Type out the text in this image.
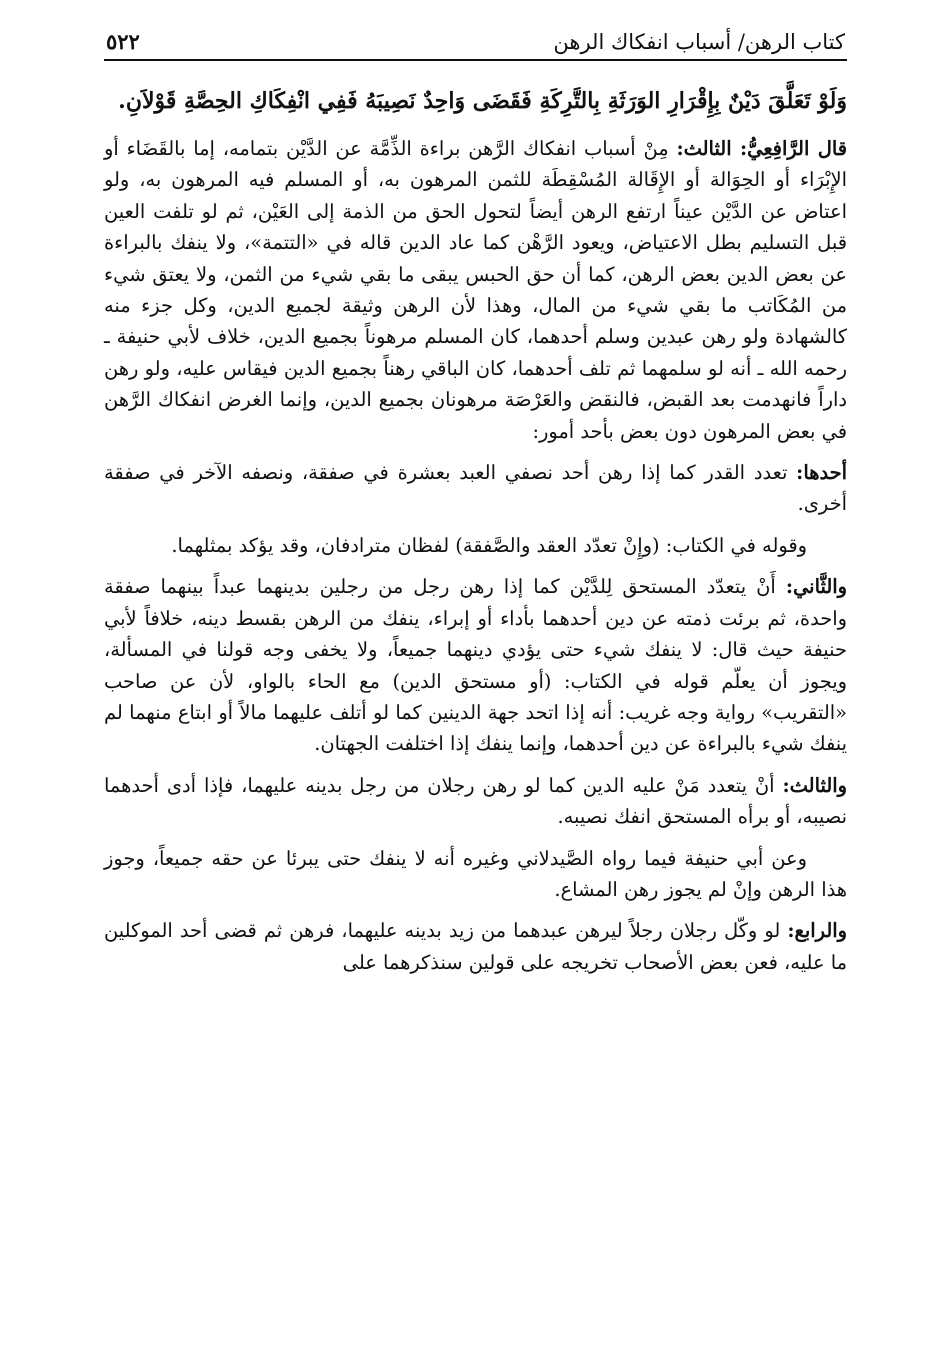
كتاب الرهن/ أسباب انفكاك الرهن
٥٢٢
وَلَوْ تَعَلَّقَ دَيْنٌ بِإِقْرَارِ الوَرَثَةِ بِالتَّرِكَةِ فَقَضَى وَاحِدٌ نَصِيبَهُ فَفِي انْفِكَاكِ الحِصَّةِ قَوْلاَنِ.

قال الرَّافِعِيُّ: الثالث: مِنْ أسباب انفكاك الرَّهن براءة الذِّمَّة عن الدَّيْن بتمامه، إما بالقَضَاء أو الإِبْرَاء أو الحِوَالة أو الإِقَالة المُسْقِطَة للثمن المرهون به، أو المسلم فيه المرهون به، ولو اعتاض عن الدَّيْن عيناً ارتفع الرهن أيضاً لتحول الحق من الذمة إلى العَيْن، ثم لو تلفت العين قبل التسليم بطل الاعتياض، ويعود الرَّهْن كما عاد الدين قاله في «التتمة»، ولا ينفك بالبراءة عن بعض الدين بعض الرهن، كما أن حق الحبس يبقى ما بقي شيء من الثمن، ولا يعتق شيء من المُكَاتب ما بقي شيء من المال، وهذا لأن الرهن وثيقة لجميع الدين، وكل جزء منه كالشهادة ولو رهن عبدين وسلم أحدهما، كان المسلم مرهوناً بجميع الدين، خلاف لأبي حنيفة ـ رحمه الله ـ أنه لو سلمهما ثم تلف أحدهما، كان الباقي رهناً بجميع الدين فيقاس عليه، ولو رهن داراً فانهدمت بعد القبض، فالنقض والعَرْصَة مرهونان بجميع الدين، وإنما الغرض انفكاك الرَّهن في بعض المرهون دون بعض بأحد أمور:

أحدها: تعدد القدر كما إذا رهن أحد نصفي العبد بعشرة في صفقة، ونصفه الآخر في صفقة أخرى.

وقوله في الكتاب: (وإِنْ تعدّد العقد والصَّفقة) لفظان مترادفان، وقد يؤكد بمثلهما.

والثَّاني: أَنْ يتعدّد المستحق لِلدَّيْن كما إذا رهن رجل من رجلين بدينهما عبداً بينهما صفقة واحدة، ثم برئت ذمته عن دين أحدهما بأداء أو إبراء، ينفك من الرهن بقسط دينه، خلافاً لأبي حنيفة حيث قال: لا ينفك شيء حتى يؤدي دينهما جميعاً، ولا يخفى وجه قولنا في المسألة، ويجوز أن يعلّم قوله في الكتاب: (أو مستحق الدين) مع الحاء بالواو، لأن عن صاحب «التقريب» رواية وجه غريب: أنه إذا اتحد جهة الدينين كما لو أتلف عليهما مالاً أو ابتاع منهما لم ينفك شيء بالبراءة عن دين أحدهما، وإنما ينفك إذا اختلفت الجهتان.

والثالث: أنْ يتعدد مَنْ عليه الدين كما لو رهن رجلان من رجل بدينه عليهما، فإذا أدى أحدهما نصيبه، أو برأه المستحق انفك نصيبه.

وعن أبي حنيفة فيما رواه الصَّيدلاني وغيره أنه لا ينفك حتى يبرئا عن حقه جميعاً، وجوز هذا الرهن وإنْ لم يجوز رهن المشاع.

والرابع: لو وكّل رجلان رجلاً ليرهن عبدهما من زيد بدينه عليهما، فرهن ثم قضى أحد الموكلين ما عليه، فعن بعض الأصحاب تخريجه على قولين سنذكرهما على
